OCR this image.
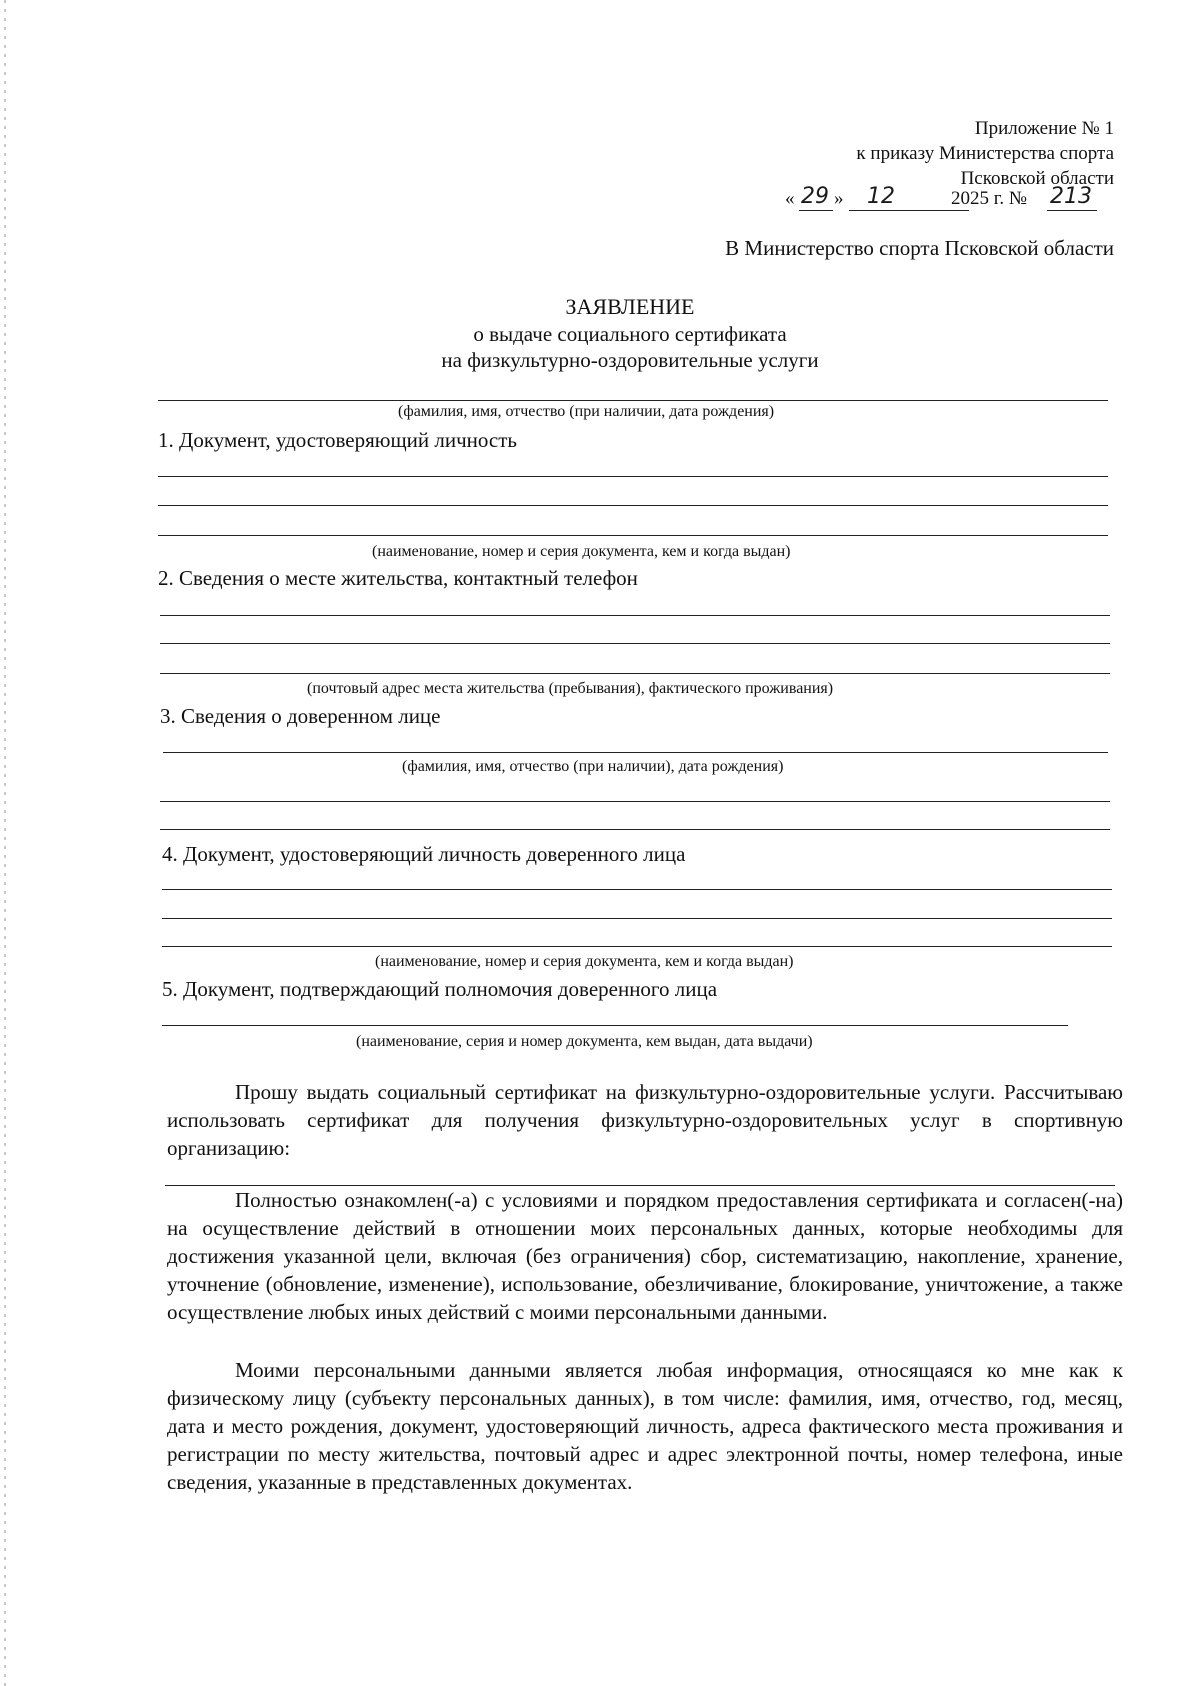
Приложение № 1
к приказу Министерства спорта
Псковской области
« 29 » 12	2025 г. № 213
В Министерство спорта Псковской области
ЗАЯВЛЕНИЕ
о выдаче социального сертификата
на физкультурно-оздоровительные услуги
(фамилия, имя, отчество (при наличии, дата рождения)
1. Документ, удостоверяющий личность
(наименование, номер и серия документа, кем и когда выдан)
2. Сведения о месте жительства, контактный телефон
(почтовый адрес места жительства (пребывания), фактического проживания)
3. Сведения о доверенном лице
(фамилия, имя, отчество (при наличии), дата рождения)
4. Документ, удостоверяющий личность доверенного лица
(наименование, номер и серия документа, кем и когда выдан)
5. Документ, подтверждающий полномочия доверенного лица
(наименование, серия и номер документа, кем выдан, дата выдачи)
Прошу выдать социальный сертификат на физкультурно-оздоровительные услуги. Рассчитываю использовать сертификат для получения физкультурно-оздоровительных услуг в спортивную организацию:
Полностью ознакомлен(-а) с условиями и порядком предоставления сертификата и согласен(-на) на осуществление действий в отношении моих персональных данных, которые необходимы для достижения указанной цели, включая (без ограничения) сбор, систематизацию, накопление, хранение, уточнение (обновление, изменение), использование, обезличивание, блокирование, уничтожение, а также осуществление любых иных действий с моими персональными данными.
Моими персональными данными является любая информация, относящаяся ко мне как к физическому лицу (субъекту персональных данных), в том числе: фамилия, имя, отчество, год, месяц, дата и место рождения, документ, удостоверяющий личность, адреса фактического места проживания и регистрации по месту жительства, почтовый адрес и адрес электронной почты, номер телефона, иные сведения, указанные в представленных документах.
